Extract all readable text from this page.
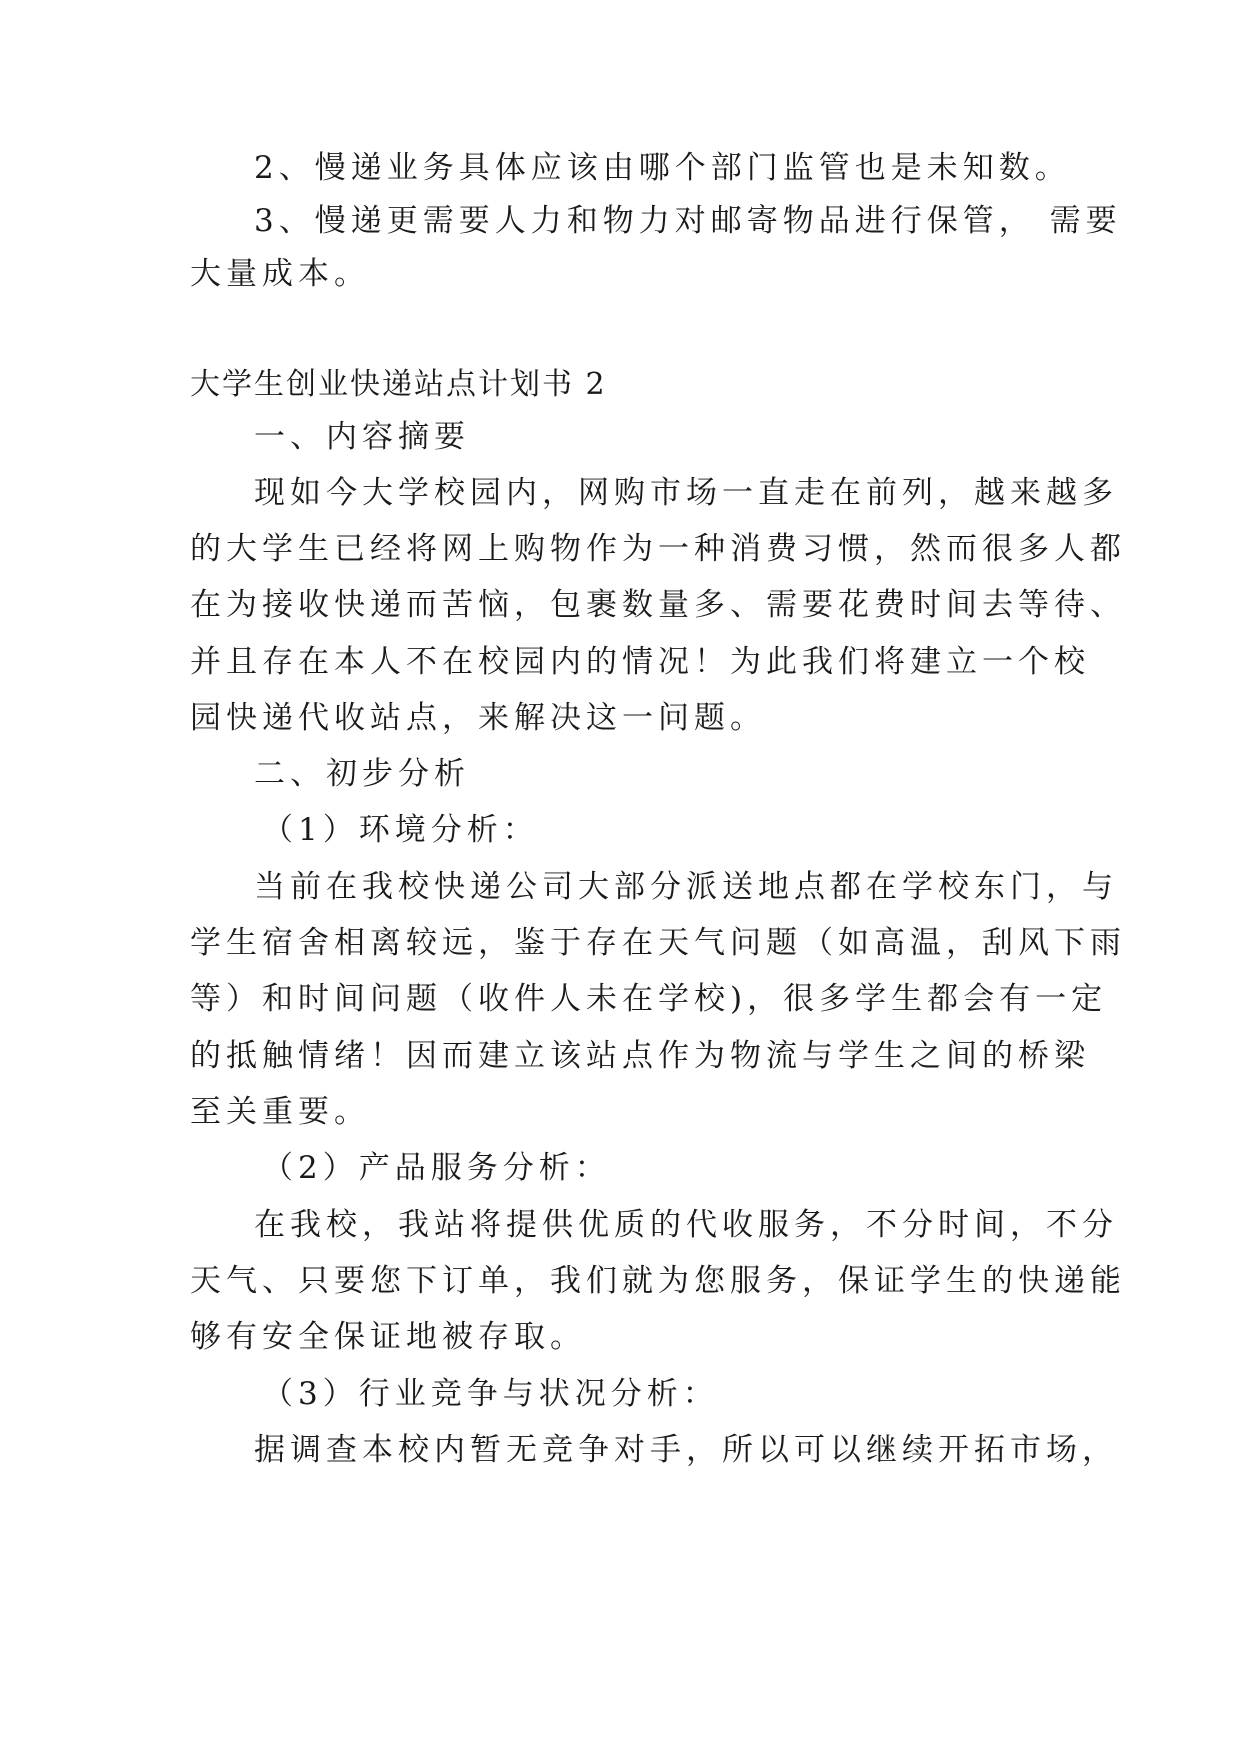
2、慢递业务具体应该由哪个部门监管也是未知数。
3、慢递更需要人力和物力对邮寄物品进行保管， 需要
大量成本。
大学生创业快递站点计划书 2
一、内容摘要
现如今大学校园内，网购市场一直走在前列，越来越多
的大学生已经将网上购物作为一种消费习惯，然而很多人都
在为接收快递而苦恼，包裹数量多、需要花费时间去等待、
并且存在本人不在校园内的情况！为此我们将建立一个校
园快递代收站点，来解决这一问题。
二、初步分析
（1）环境分析：
当前在我校快递公司大部分派送地点都在学校东门，与
学生宿舍相离较远，鉴于存在天气问题（如高温，刮风下雨
等）和时间问题（收件人未在学校)，很多学生都会有一定
的抵触情绪！因而建立该站点作为物流与学生之间的桥梁
至关重要。
（2）产品服务分析：
在我校，我站将提供优质的代收服务，不分时间，不分
天气、只要您下订单，我们就为您服务，保证学生的快递能
够有安全保证地被存取。
（3）行业竞争与状况分析：
据调查本校内暂无竞争对手，所以可以继续开拓市场，
